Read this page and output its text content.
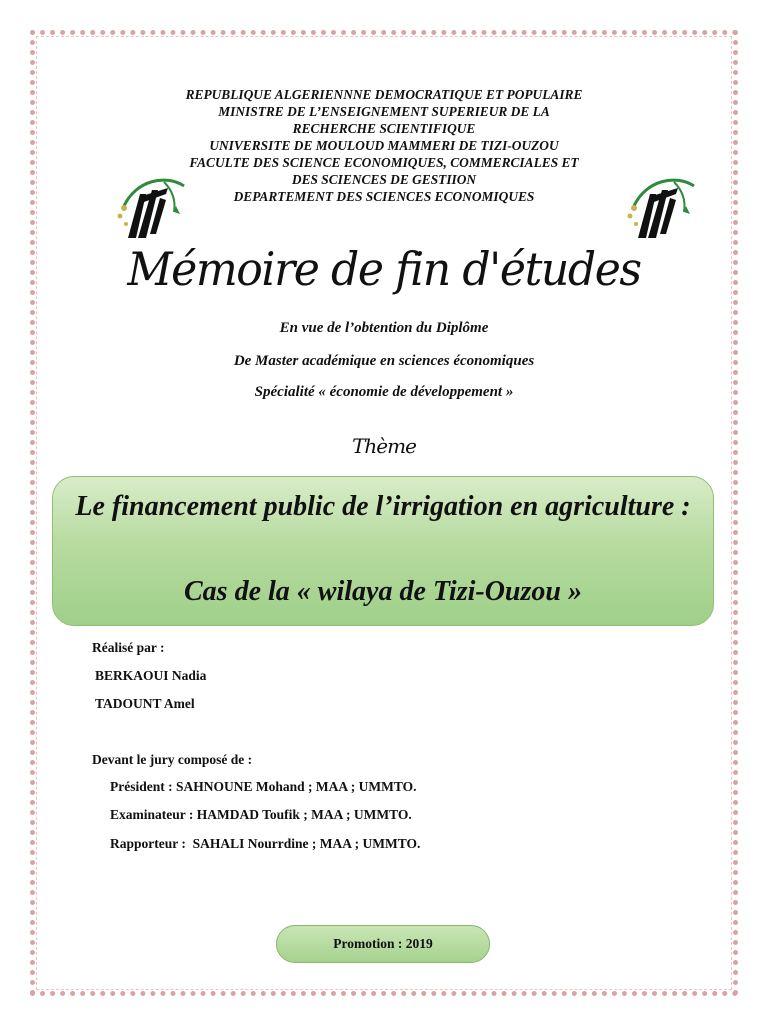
REPUBLIQUE ALGERIENNNE DEMOCRATIQUE ET POPULAIRE
MINISTRE DE L’ENSEIGNEMENT SUPERIEUR DE LA
RECHERCHE SCIENTIFIQUE
UNIVERSITE DE MOULOUD MAMMERI DE TIZI-OUZOU
FACULTE DES SCIENCE ECONOMIQUES, COMMERCIALES ET
DES SCIENCES DE GESTIION
DEPARTEMENT DES SCIENCES ECONOMIQUES
Mémoire de fin d'études
En vue de l’obtention du Diplôme
De Master académique en sciences économiques
Spécialité « économie de développement »
Thème
Le financement public de l’irrigation en agriculture :
Cas de la « wilaya de Tizi-Ouzou »
Réalisé par :
BERKAOUI Nadia
TADOUNT Amel
Devant le jury composé de :
Président : SAHNOUNE Mohand ; MAA ; UMMTO.
Examinateur : HAMDAD Toufik ; MAA ; UMMTO.
Rapporteur :  SAHALI Nourrdine ; MAA ; UMMTO.
Promotion : 2019
